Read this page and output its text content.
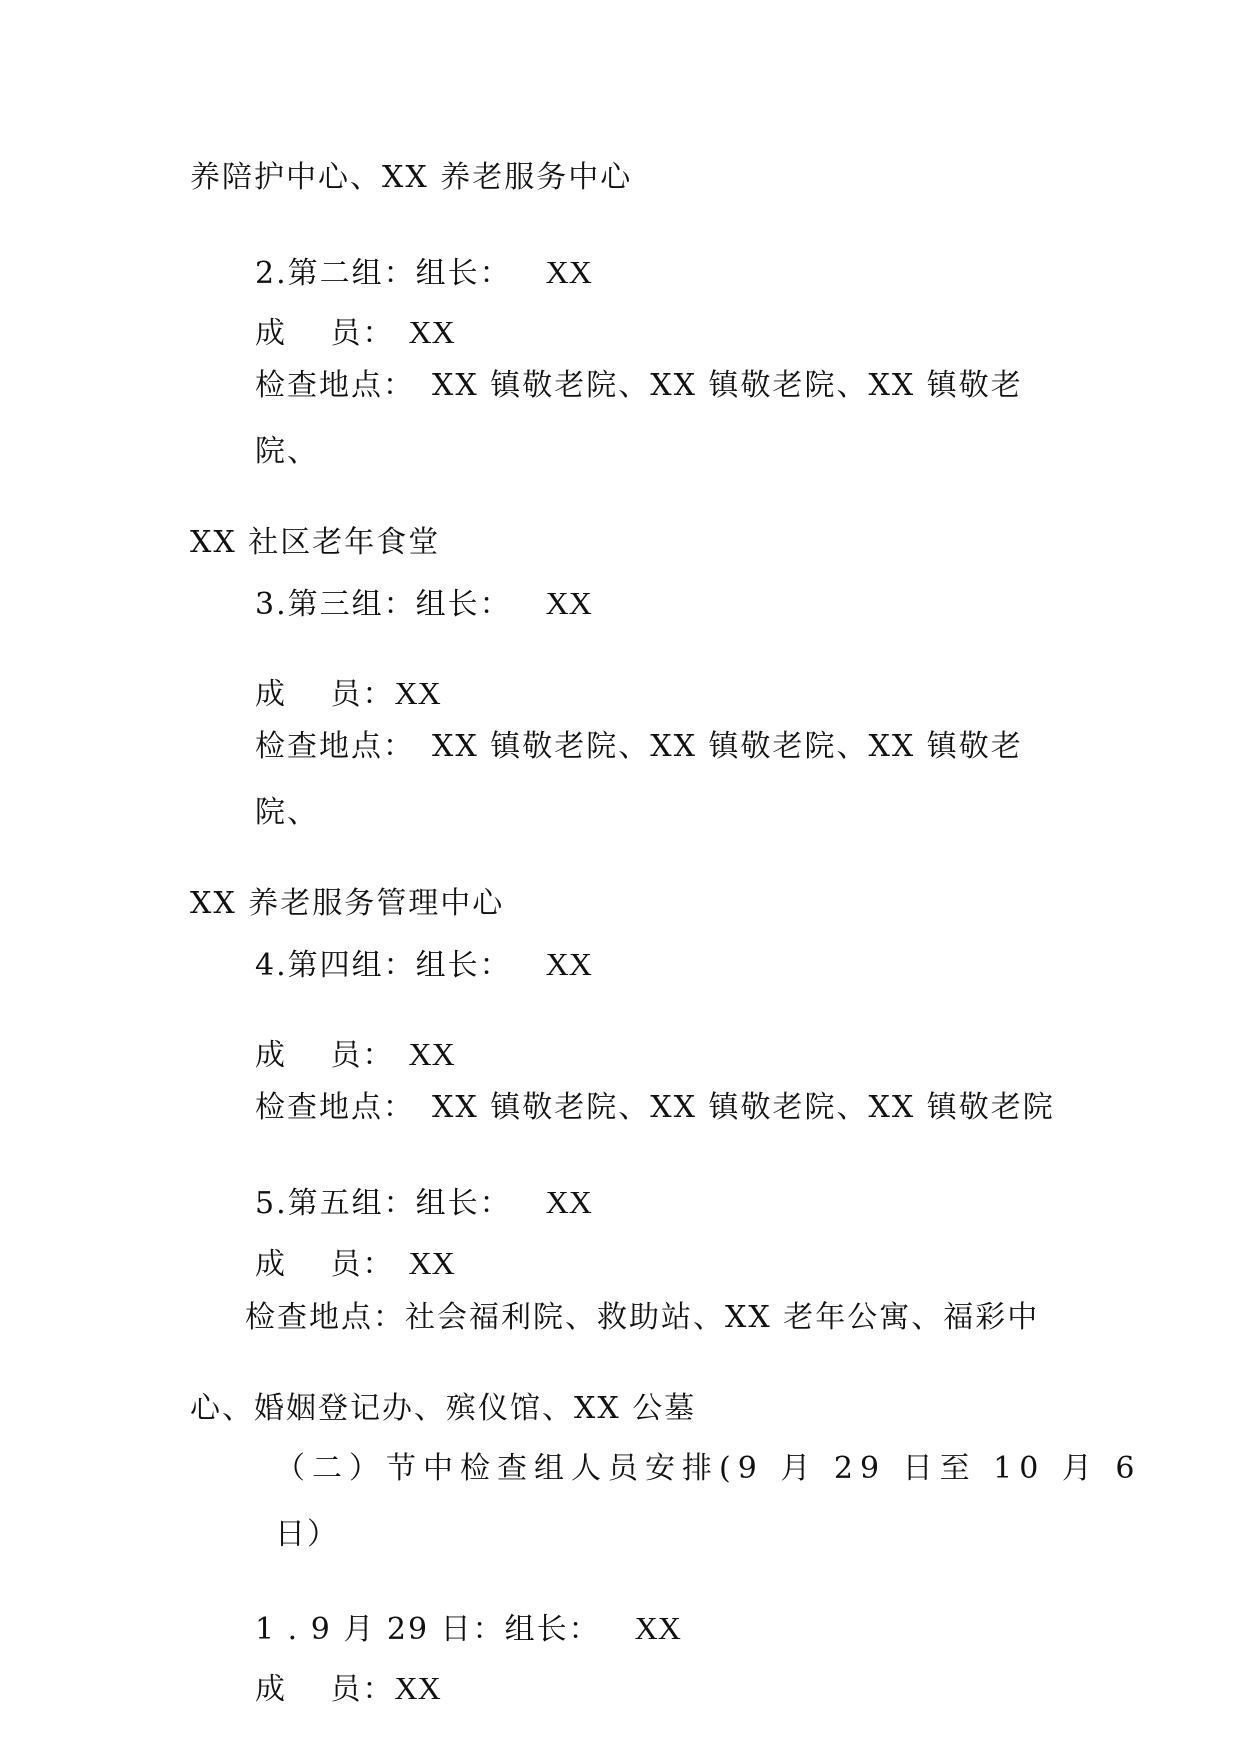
养陪护中心、XX 养老服务中心
2.第二组：组长： XX
成　 员： XX
检查地点：　XX 镇敬老院、XX 镇敬老院、XX 镇敬老
院、
XX 社区老年食堂
3.第三组：组长： XX
成　 员：XX
检查地点：　XX 镇敬老院、XX 镇敬老院、XX 镇敬老
院、
XX 养老服务管理中心
4.第四组：组长： XX
成　 员： XX
检查地点：　XX 镇敬老院、XX 镇敬老院、XX 镇敬老院
5.第五组：组长： XX
成　 员： XX
检查地点：社会福利院、救助站、XX 老年公寓、福彩中
心、婚姻登记办、殡仪馆、XX 公墓
（二）节中检查组人员安排(9 月 29 日至 10 月 6
日）
1 . 9 月 29 日：组长： XX
成　 员：XX
